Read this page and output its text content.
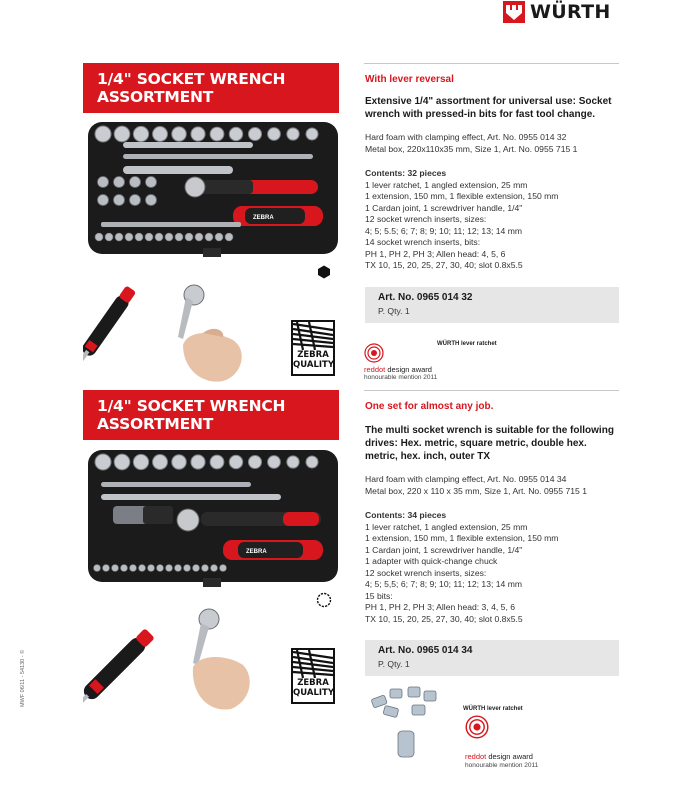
WÜRTH
1/4" SOCKET WRENCH
ASSORTMENT
ZEBRA
ZEBRA
QUALITY
With lever reversal
Extensive 1/4" assortment for universal use: Socket wrench with pressed-in bits for fast tool change.
Hard foam with clamping effect, Art. No. 0955 014 32
Metal box, 220x110x35 mm, Size 1, Art. No. 0955 715 1
Contents: 32 pieces
1 lever ratchet, 1 angled extension, 25 mm
1 extension, 150 mm, 1 flexible extension, 150 mm
1 Cardan joint, 1 screwdriver handle, 1/4"
12 socket wrench inserts, sizes:
4; 5; 5.5; 6; 7; 8; 9; 10; 11; 12; 13; 14 mm
14 socket wrench inserts, bits:
PH 1, PH 2, PH 3; Allen head: 4, 5, 6
TX 10, 15, 20, 25, 27, 30, 40; slot 0.8x5.5
Art. No. 0965 014 32
P. Qty. 1
WÜRTH lever ratchet
reddot design award
honourable mention 2011
1/4" SOCKET WRENCH
ASSORTMENT
ZEBRA
ZEBRA
QUALITY
One set for almost any job.
The multi socket wrench is suitable for the following drives: Hex. metric, square metric, double hex. metric, hex. inch, outer TX
Hard foam with clamping effect, Art. No. 0955 014 34
Metal box, 220 x 110 x 35 mm, Size 1, Art. No. 0955 715 1
Contents: 34 pieces
1 lever ratchet, 1 angled extension, 25 mm
1 extension, 150 mm, 1 flexible extension, 150 mm
1 Cardan joint, 1 screwdriver handle, 1/4"
1 adapter with quick-change chuck
12 socket wrench inserts, sizes:
4; 5; 5,5; 6; 7; 8; 9; 10; 11; 12; 13; 14 mm
15 bits:
PH 1, PH 2, PH 3; Allen head: 3, 4, 5, 6
TX 10, 15, 20, 25, 27, 30, 40; slot 0.8x5.5
Art. No. 0965 014 34
P. Qty. 1
WÜRTH lever ratchet
reddot design award
honourable mention 2011
MWF 06/11 - 54130 - ©
